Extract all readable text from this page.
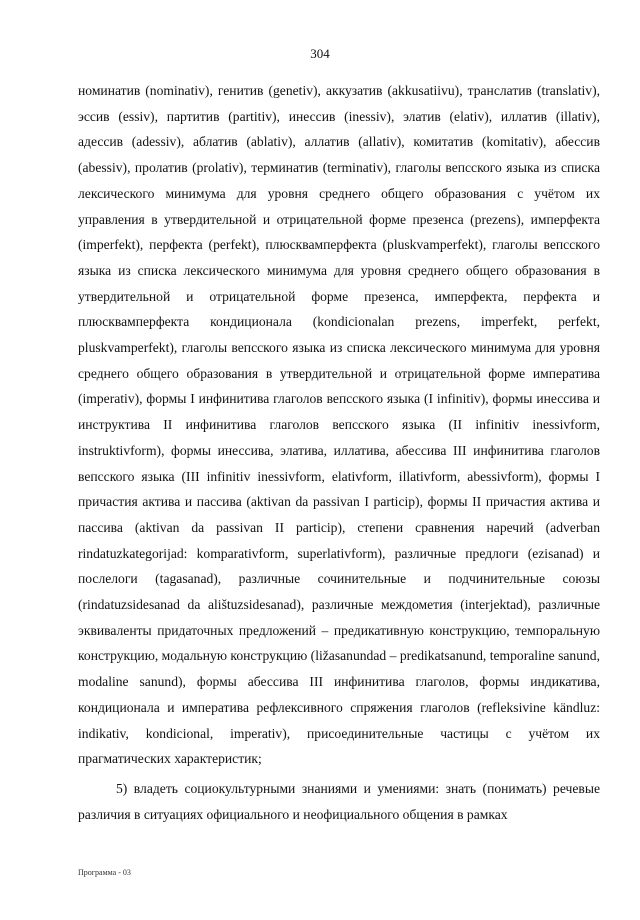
304

номинатив (nominativ), генитив (genetiv), аккузатив (akkusatiivu), транслатив (translativ), эссив (essiv), партитив (partitiv), инессив (inessiv), элатив (elativ), иллатив (illativ), адессив (adessiv), аблатив (ablativ), аллатив (allativ), комитатив (komitativ), абессив (abessiv), пролатив (prolativ), терминатив (terminativ), глаголы вепсского языка из списка лексического минимума для уровня среднего общего образования с учётом их управления в утвердительной и отрицательной форме презенса (prezens), имперфекта (imperfekt), перфекта (perfekt), плюсквамперфекта (pluskvamperfekt), глаголы вепсского языка из списка лексического минимума для уровня среднего общего образования в утвердительной и отрицательной форме презенса, имперфекта, перфекта и плюсквамперфекта кондиционала (kondicionalan prezens, imperfekt, perfekt, pluskvamperfekt), глаголы вепсского языка из списка лексического минимума для уровня среднего общего образования в утвердительной и отрицательной форме императива (imperativ), формы I инфинитива глаголов вепсского языка (I infinitiv), формы инессива и инструктива II инфинитива глаголов вепсского языка (II infinitiv inessivform, instruktivform), формы инессива, элатива, иллатива, абессива III инфинитива глаголов вепсского языка (III infinitiv inessivform, elativform, illativform, abessivform), формы I причастия актива и пассива (aktivan da passivan I particip), формы II причастия актива и пассива (aktivan da passivan II particip), степени сравнения наречий (adverban rindatuzkategorijad: komparativform, superlativform), различные предлоги (ezisanad) и послелоги (tagasanad), различные сочинительные и подчинительные союзы (rindatuzsidesanad da alištuzsidesanad), различные междометия (interjektad), различные эквиваленты придаточных предложений – предикативную конструкцию, темпоральную конструкцию, модальную конструкцию (ližasanundad – predikatsanund, temporaline sanund, modaline sanund), формы абессива III инфинитива глаголов, формы индикатива, кондиционала и императива рефлексивного спряжения глаголов (refleksivine kändluz: indikativ, kondicional, imperativ), присоединительные частицы с учётом их прагматических характеристик;

5) владеть социокультурными знаниями и умениями: знать (понимать) речевые различия в ситуациях официального и неофициального общения в рамках

Программа - 03
